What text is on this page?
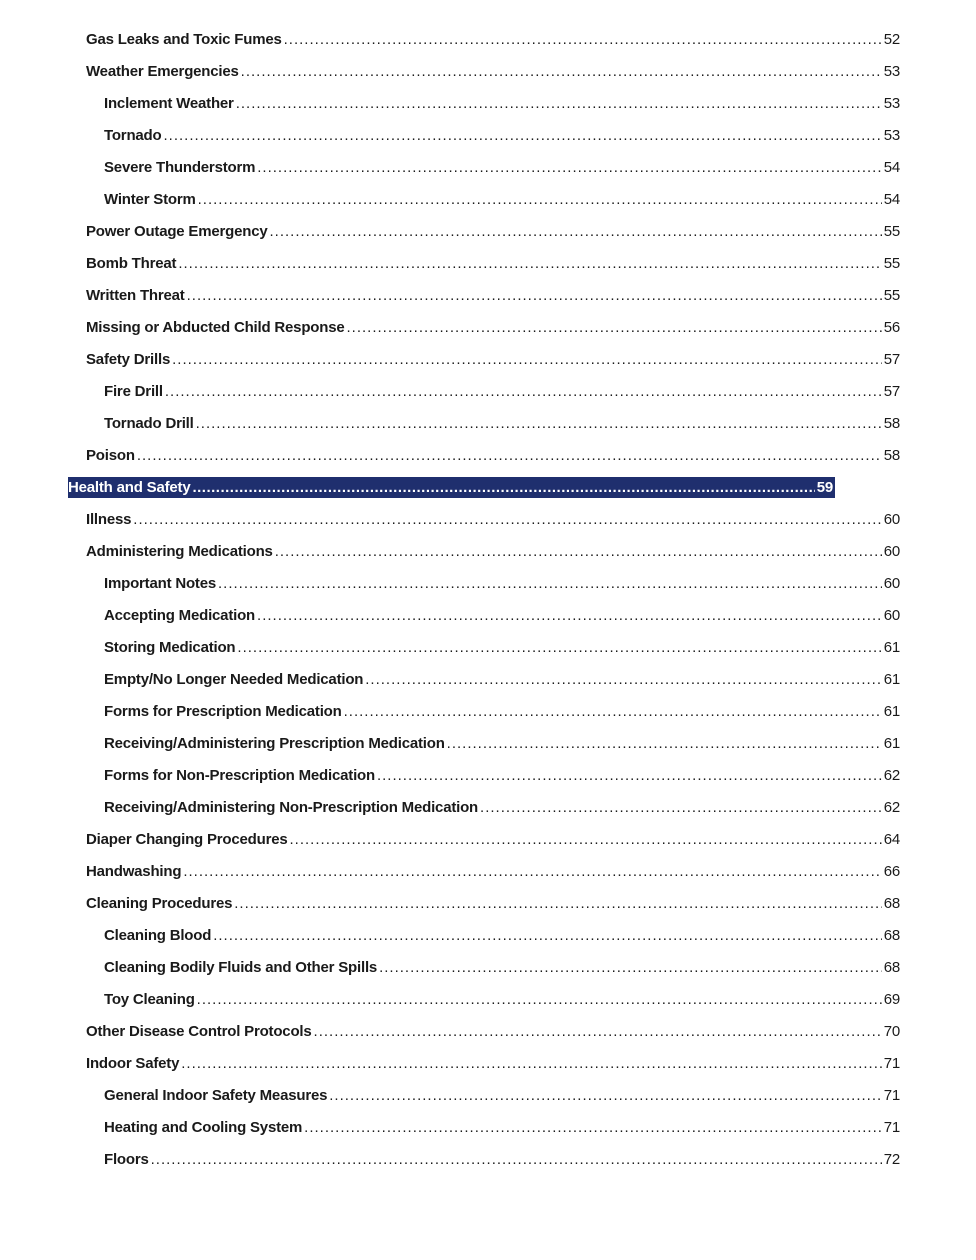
Gas Leaks and Toxic Fumes .....	52
Weather Emergencies .....	53
Inclement Weather .....	53
Tornado .....	53
Severe Thunderstorm .....	54
Winter Storm .....	54
Power Outage Emergency .....	55
Bomb Threat .....	55
Written Threat .....	55
Missing or Abducted Child Response .....	56
Safety Drills .....	57
Fire Drill .....	57
Tornado Drill .....	58
Poison .....	58
Health and Safety .....	59
Illness .....	60
Administering Medications .....	60
Important Notes .....	60
Accepting Medication .....	60
Storing Medication .....	61
Empty/No Longer Needed Medication .....	61
Forms for Prescription Medication .....	61
Receiving/Administering Prescription Medication .....	61
Forms for Non-Prescription Medication .....	62
Receiving/Administering Non-Prescription Medication .....	62
Diaper Changing Procedures .....	64
Handwashing .....	66
Cleaning Procedures .....	68
Cleaning Blood .....	68
Cleaning Bodily Fluids and Other Spills .....	68
Toy Cleaning .....	69
Other Disease Control Protocols .....	70
Indoor Safety .....	71
General Indoor Safety Measures .....	71
Heating and Cooling System .....	71
Floors .....	72
